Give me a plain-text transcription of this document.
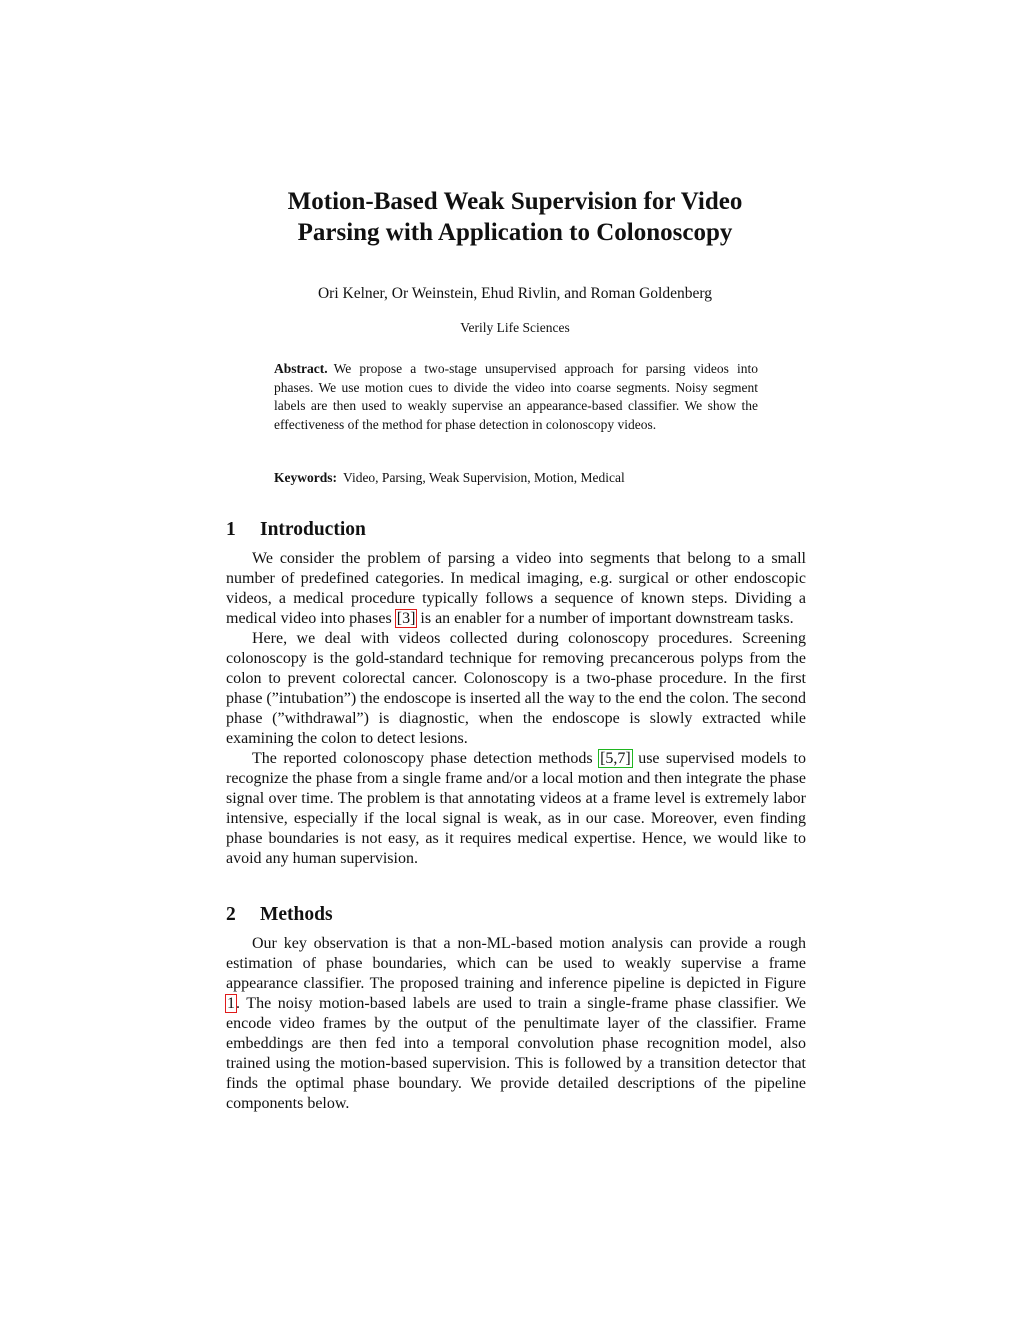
Motion-Based Weak Supervision for Video
Parsing with Application to Colonoscopy
Ori Kelner, Or Weinstein, Ehud Rivlin, and Roman Goldenberg
Verily Life Sciences

Abstract. We propose a two-stage unsupervised approach for parsing videos into phases. We use motion cues to divide the video into coarse segments. Noisy segment labels are then used to weakly supervise an appearance-based classifier. We show the effectiveness of the method for phase detection in colonoscopy videos.

Keywords: Video, Parsing, Weak Supervision, Motion, Medical

1 Introduction

We consider the problem of parsing a video into segments that belong to a small number of predefined categories. In medical imaging, e.g. surgical or other endoscopic videos, a medical procedure typically follows a sequence of known steps. Dividing a medical video into phases [3] is an enabler for a number of important downstream tasks.

Here, we deal with videos collected during colonoscopy procedures. Screening colonoscopy is the gold-standard technique for removing precancerous polyps from the colon to prevent colorectal cancer. Colonoscopy is a two-phase procedure. In the first phase (”intubation”) the endoscope is inserted all the way to the end the colon. The second phase (”withdrawal”) is diagnostic, when the endoscope is slowly extracted while examining the colon to detect lesions.

The reported colonoscopy phase detection methods [5,7] use supervised models to recognize the phase from a single frame and/or a local motion and then integrate the phase signal over time. The problem is that annotating videos at a frame level is extremely labor intensive, especially if the local signal is weak, as in our case. Moreover, even finding phase boundaries is not easy, as it requires medical expertise. Hence, we would like to avoid any human supervision.

2 Methods

Our key observation is that a non-ML-based motion analysis can provide a rough estimation of phase boundaries, which can be used to weakly supervise a frame appearance classifier. The proposed training and inference pipeline is depicted in Figure 1. The noisy motion-based labels are used to train a single-frame phase classifier. We encode video frames by the output of the penultimate layer of the classifier. Frame embeddings are then fed into a temporal convolution phase recognition model, also trained using the motion-based supervision. This is followed by a transition detector that finds the optimal phase boundary. We provide detailed descriptions of the pipeline components below.
